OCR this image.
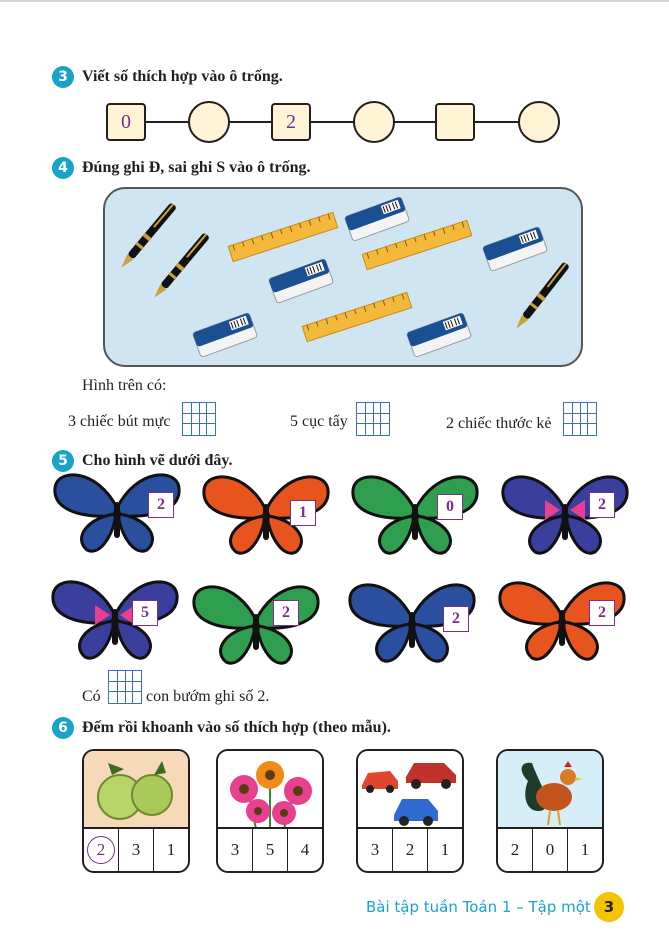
3 Viết số thích hợp vào ô trống.
0	2
4 Đúng ghi Đ, sai ghi S vào ô trống.
Hình trên có:
3 chiếc bút mực	5 cục tẩy	2 chiếc thước kẻ
5 Cho hình vẽ dưới đây.
2	1	0	2
5	2	2	2
Có	con bướm ghi số 2.
6 Đếm rồi khoanh vào số thích hợp (theo mẫu).
2	3	1	3	5	4	3	2	1	2	0	1
Bài tập tuần Toán 1 – Tập một 3
